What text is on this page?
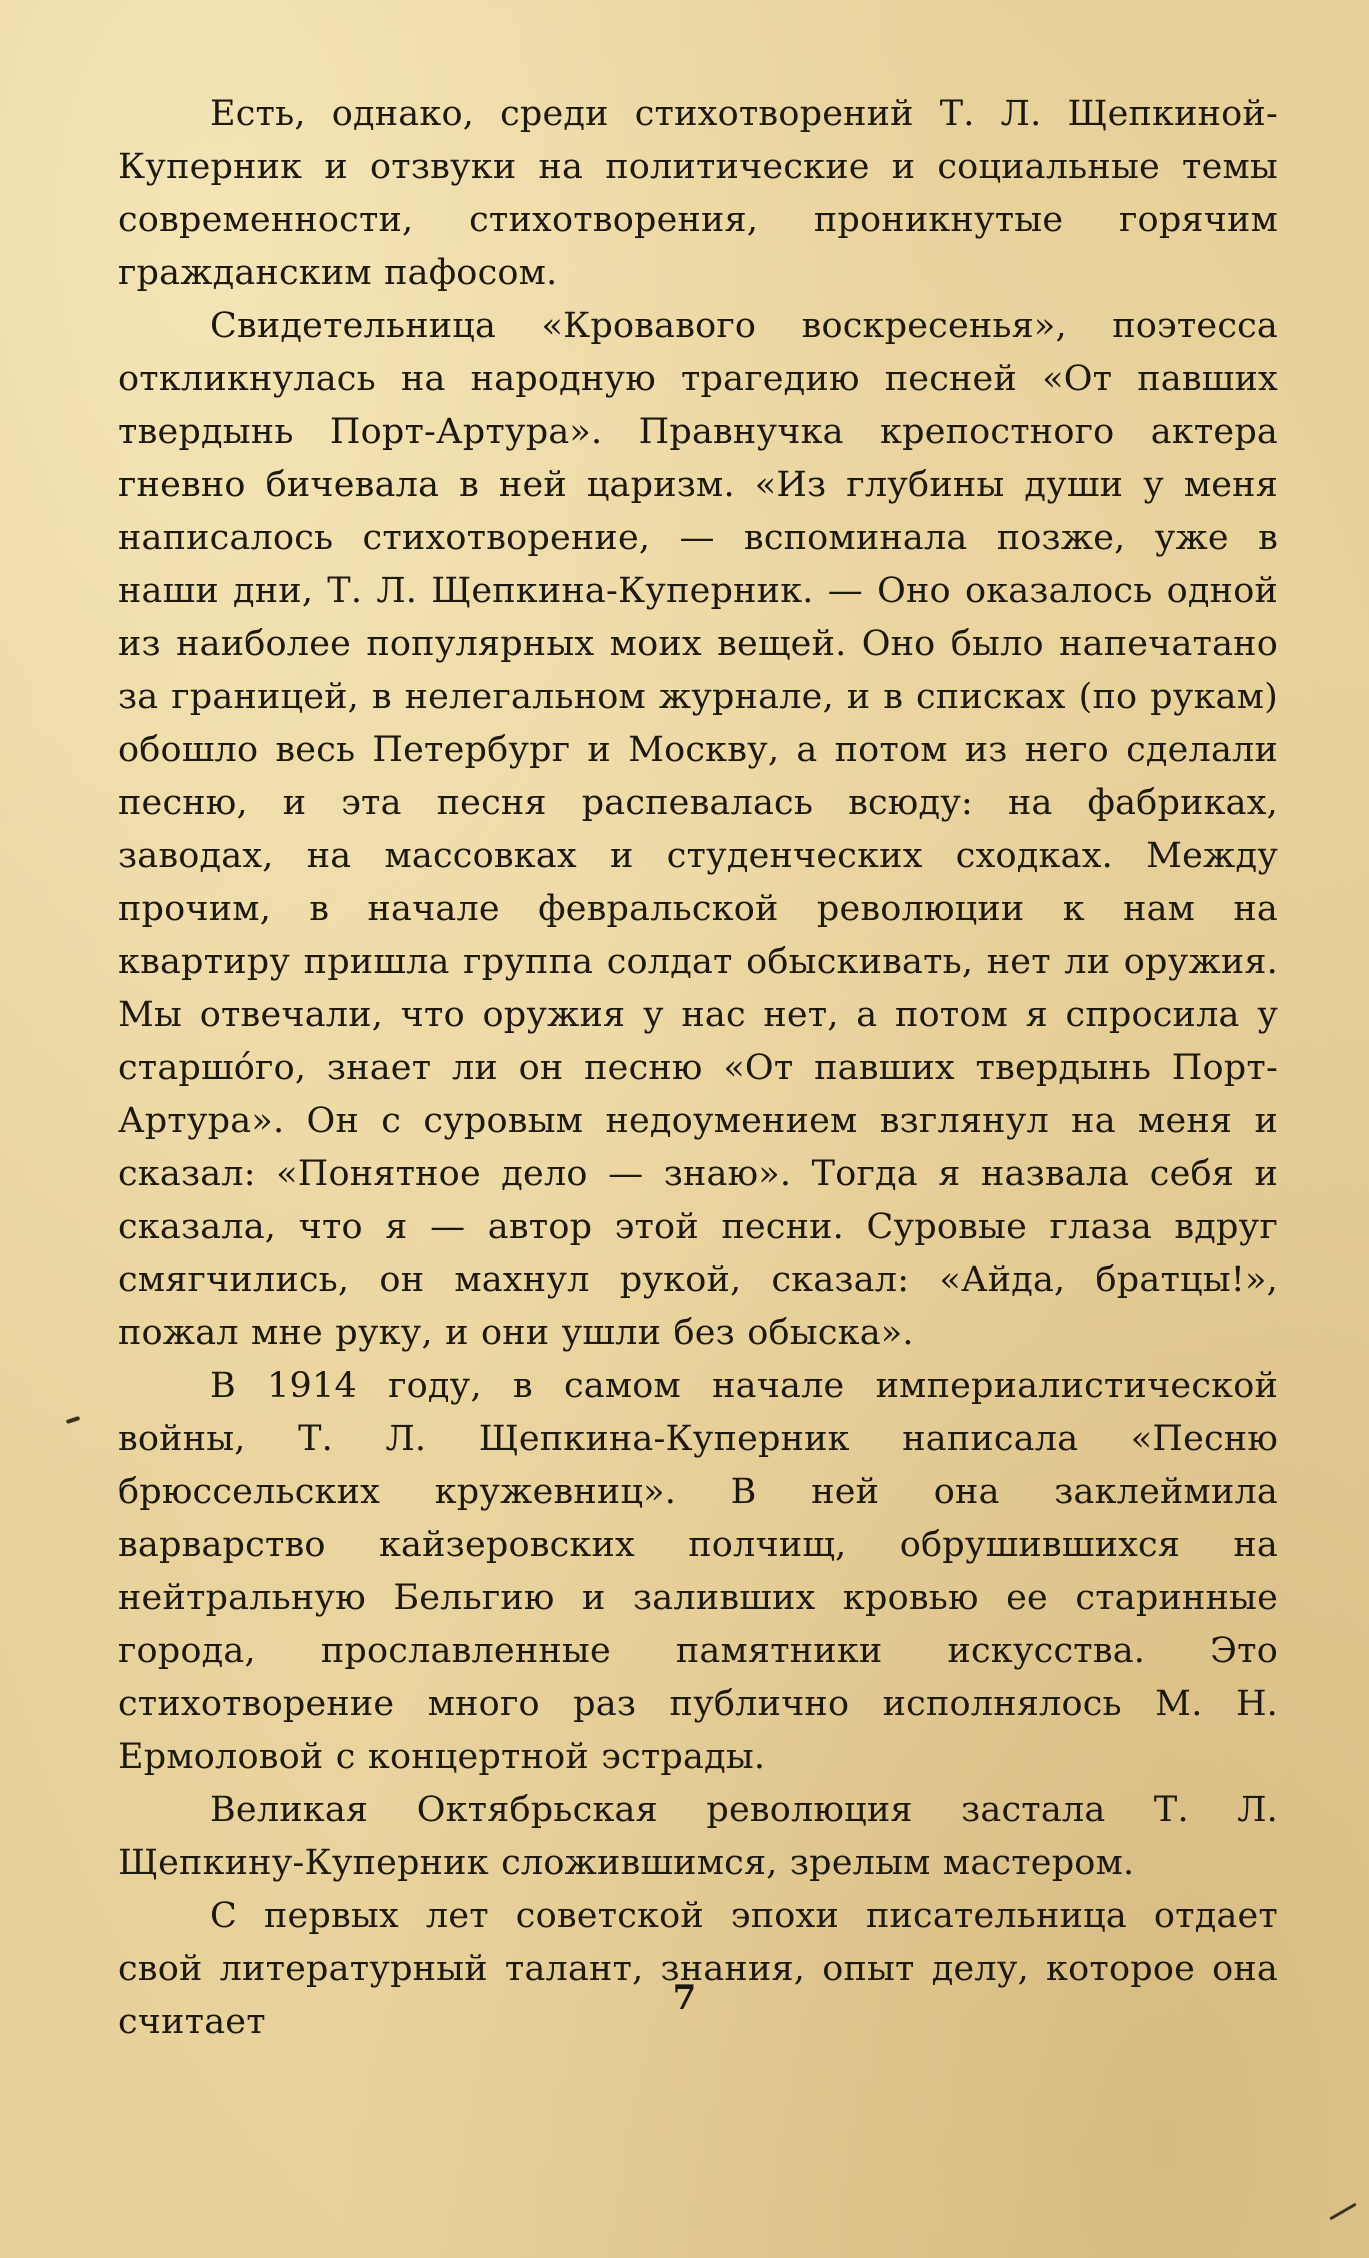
Есть, однако, среди стихотворений Т. Л. Щепкиной-Куперник и отзвуки на политические и социальные темы современности, стихотворения, проникнутые горячим гражданским пафосом.

Свидетельница «Кровавого воскресенья», поэтесса откликнулась на народную трагедию песней «От павших твердынь Порт-Артура». Правнучка крепостного актера гневно бичевала в ней царизм. «Из глубины души у меня написалось стихотворение, — вспоминала позже, уже в наши дни, Т. Л. Щепкина-Куперник. — Оно оказалось одной из наиболее популярных моих вещей. Оно было напечатано за границей, в нелегальном журнале, и в списках (по рукам) обошло весь Петербург и Москву, а потом из него сделали песню, и эта песня распевалась всюду: на фабриках, заводах, на массовках и студенческих сходках. Между прочим, в начале февральской революции к нам на квартиру пришла группа солдат обыскивать, нет ли оружия. Мы отвечали, что оружия у нас нет, а потом я спросила у старшо́го, знает ли он песню «От павших твердынь Порт-Артура». Он с суровым недоумением взглянул на меня и сказал: «Понятное дело — знаю». Тогда я назвала себя и сказала, что я — автор этой песни. Суровые глаза вдруг смягчились, он махнул рукой, сказал: «Айда, братцы!», пожал мне руку, и они ушли без обыска».

В 1914 году, в самом начале империалистической войны, Т. Л. Щепкина-Куперник написала «Песню брюссельских кружевниц». В ней она заклеймила варварство кайзеровских полчищ, обрушившихся на нейтральную Бельгию и заливших кровью ее старинные города, прославленные памятники искусства. Это стихотворение много раз публично исполнялось М. Н. Ермоловой с концертной эстрады.

Великая Октябрьская революция застала Т. Л. Щепкину-Куперник сложившимся, зрелым мастером.

С первых лет советской эпохи писательница отдает свой литературный талант, знания, опыт делу, которое она считает

7
